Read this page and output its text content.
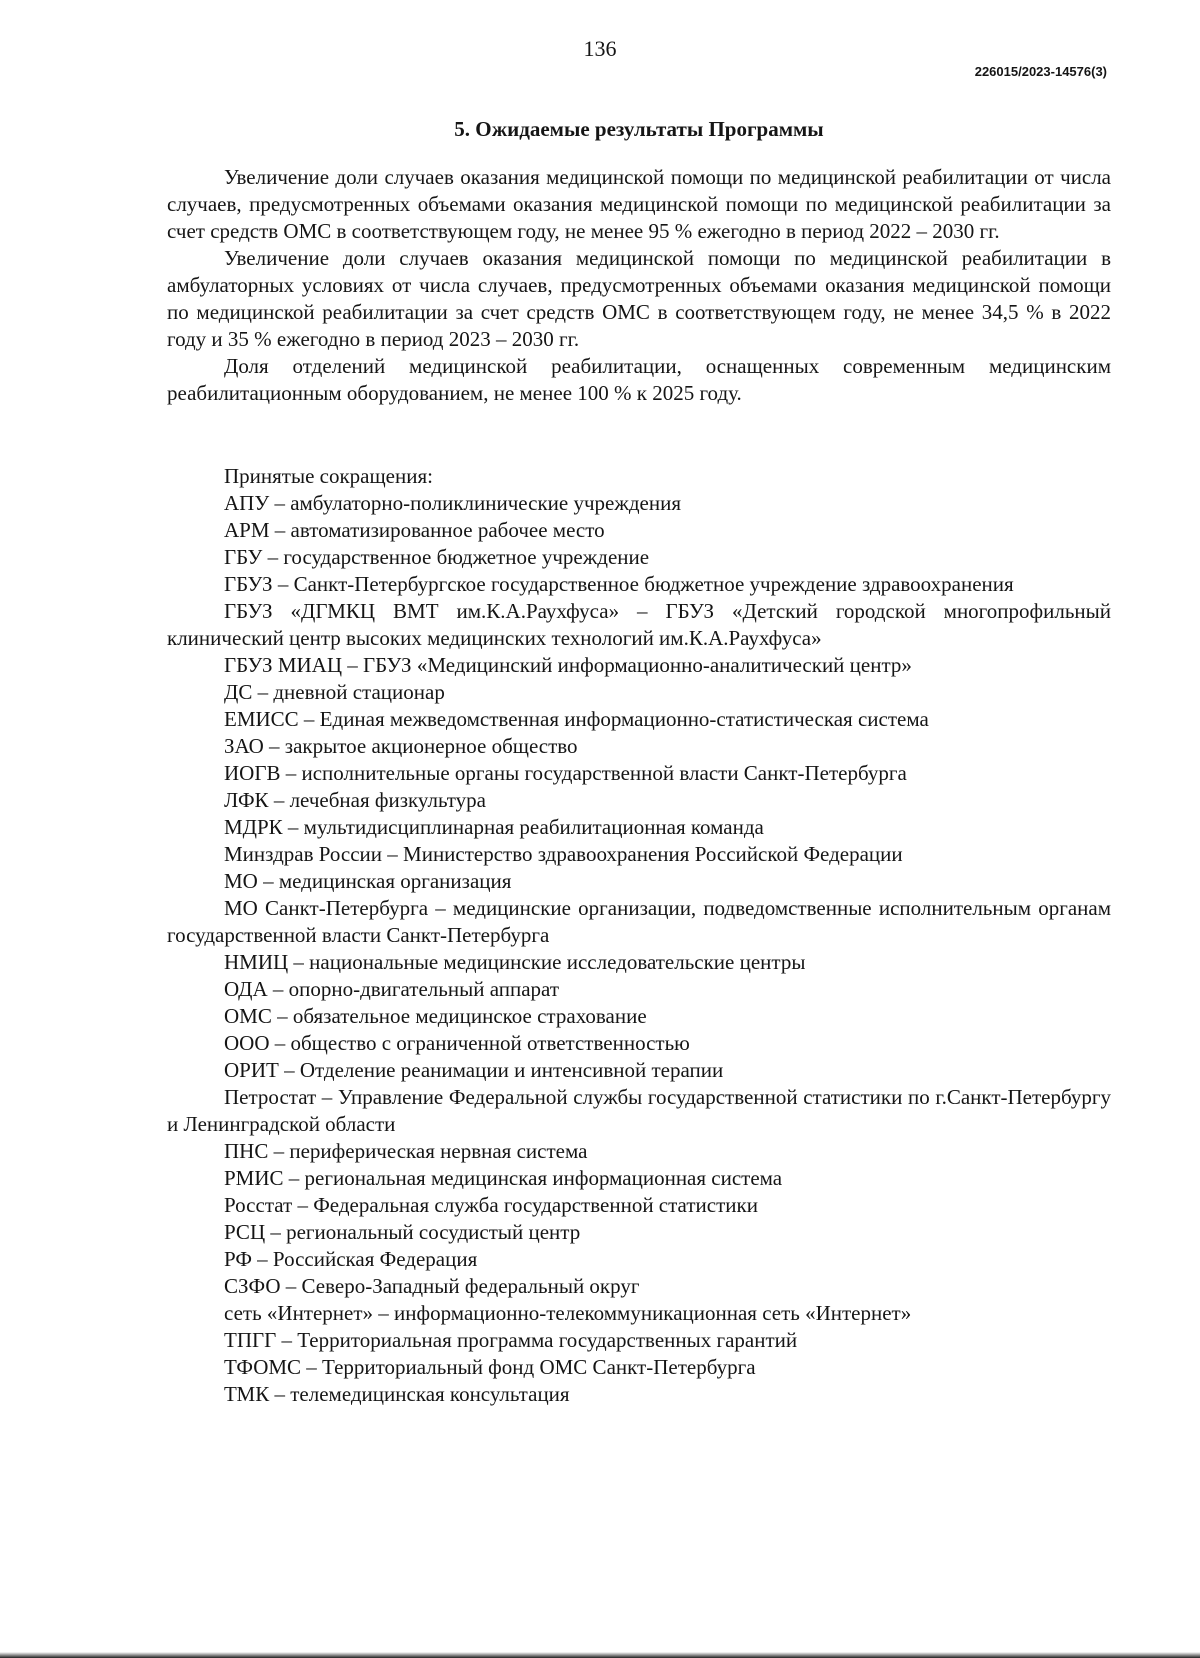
136
226015/2023-14576(3)
5. Ожидаемые результаты Программы

Увеличение доли случаев оказания медицинской помощи по медицинской реабилитации от числа случаев, предусмотренных объемами оказания медицинской помощи по медицинской реабилитации за счет средств ОМС в соответствующем году, не менее 95 % ежегодно в период 2022 – 2030 гг.

Увеличение доли случаев оказания медицинской помощи по медицинской реабилитации в амбулаторных условиях от числа случаев, предусмотренных объемами оказания медицинской помощи по медицинской реабилитации за счет средств ОМС в соответствующем году, не менее 34,5 % в 2022 году и 35 % ежегодно в период 2023 – 2030 гг.

Доля отделений медицинской реабилитации, оснащенных современным медицинским реабилитационным оборудованием, не менее 100 % к 2025 году.

Принятые сокращения:

АПУ – амбулаторно-поликлинические учреждения

АРМ – автоматизированное рабочее место

ГБУ – государственное бюджетное учреждение

ГБУЗ – Санкт-Петербургское государственное бюджетное учреждение здравоохранения

ГБУЗ «ДГМКЦ ВМТ им.К.А.Раухфуса» – ГБУЗ «Детский городской многопрофильный клинический центр высоких медицинских технологий им.К.А.Раухфуса»

ГБУЗ МИАЦ – ГБУЗ «Медицинский информационно-аналитический центр»

ДС – дневной стационар

ЕМИСС – Единая межведомственная информационно-статистическая система

ЗАО – закрытое акционерное общество

ИОГВ – исполнительные органы государственной власти Санкт-Петербурга

ЛФК – лечебная физкультура

МДРК – мультидисциплинарная реабилитационная команда

Минздрав России – Министерство здравоохранения Российской Федерации

МО – медицинская организация

МО Санкт-Петербурга – медицинские организации, подведомственные исполнительным органам государственной власти Санкт-Петербурга

НМИЦ – национальные медицинские исследовательские центры

ОДА – опорно-двигательный аппарат

ОМС – обязательное медицинское страхование

ООО – общество с ограниченной ответственностью

ОРИТ – Отделение реанимации и интенсивной терапии

Петростат – Управление Федеральной службы государственной статистики по г.Санкт-Петербургу и Ленинградской области

ПНС – периферическая нервная система

РМИС – региональная медицинская информационная система

Росстат – Федеральная служба государственной статистики

РСЦ – региональный сосудистый центр

РФ – Российская Федерация

СЗФО – Северо-Западный федеральный округ

сеть «Интернет» – информационно-телекоммуникационная сеть «Интернет»

ТПГГ – Территориальная программа государственных гарантий

ТФОМС – Территориальный фонд ОМС Санкт-Петербурга

ТМК – телемедицинская консультация
